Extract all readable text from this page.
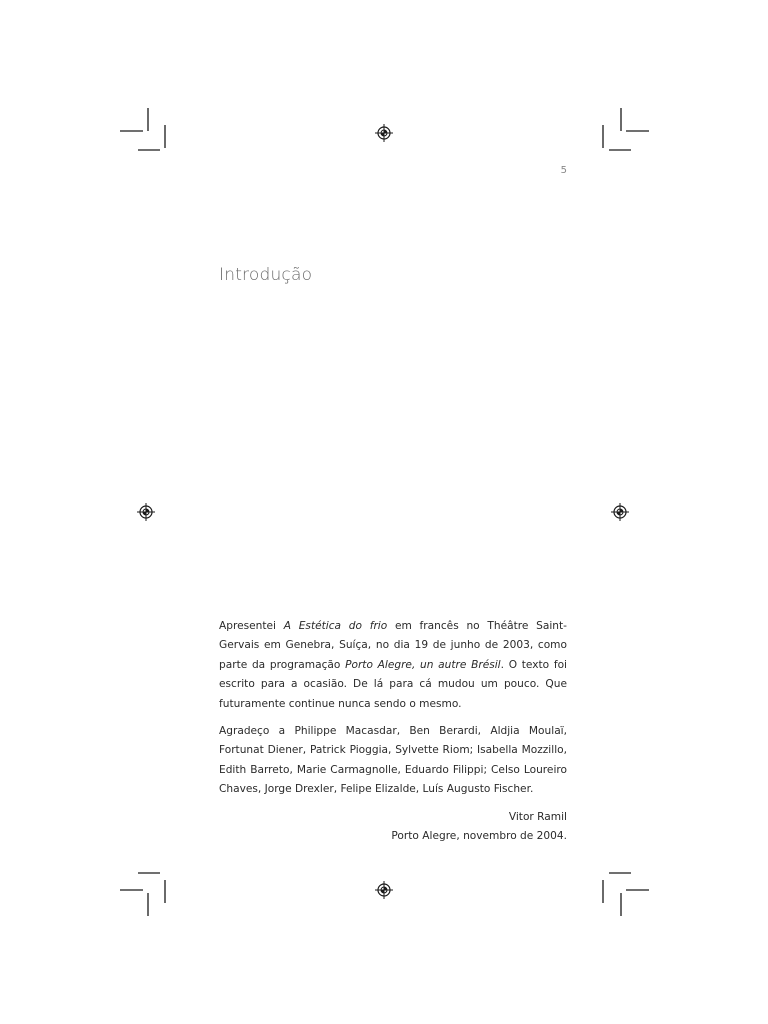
5
Introdução

Apresentei A Estética do frio em francês no Théâtre Saint-Gervais em Genebra, Suíça, no dia 19 de junho de 2003, como parte da programação Porto Alegre, un autre Brésil. O texto foi escrito para a ocasião. De lá para cá mudou um pouco. Que futuramente continue nunca sendo o mesmo.

Agradeço a Philippe Macasdar, Ben Berardi, Aldjia Moulaï, Fortunat Diener, Patrick Pioggia, Sylvette Riom; Isabella Mozzillo, Edith Barreto, Marie Carmagnolle, Eduardo Filippi; Celso Loureiro Chaves, Jorge Drexler, Felipe Elizalde, Luís Augusto Fischer.

Vitor Ramil
Porto Alegre, novembro de 2004.
